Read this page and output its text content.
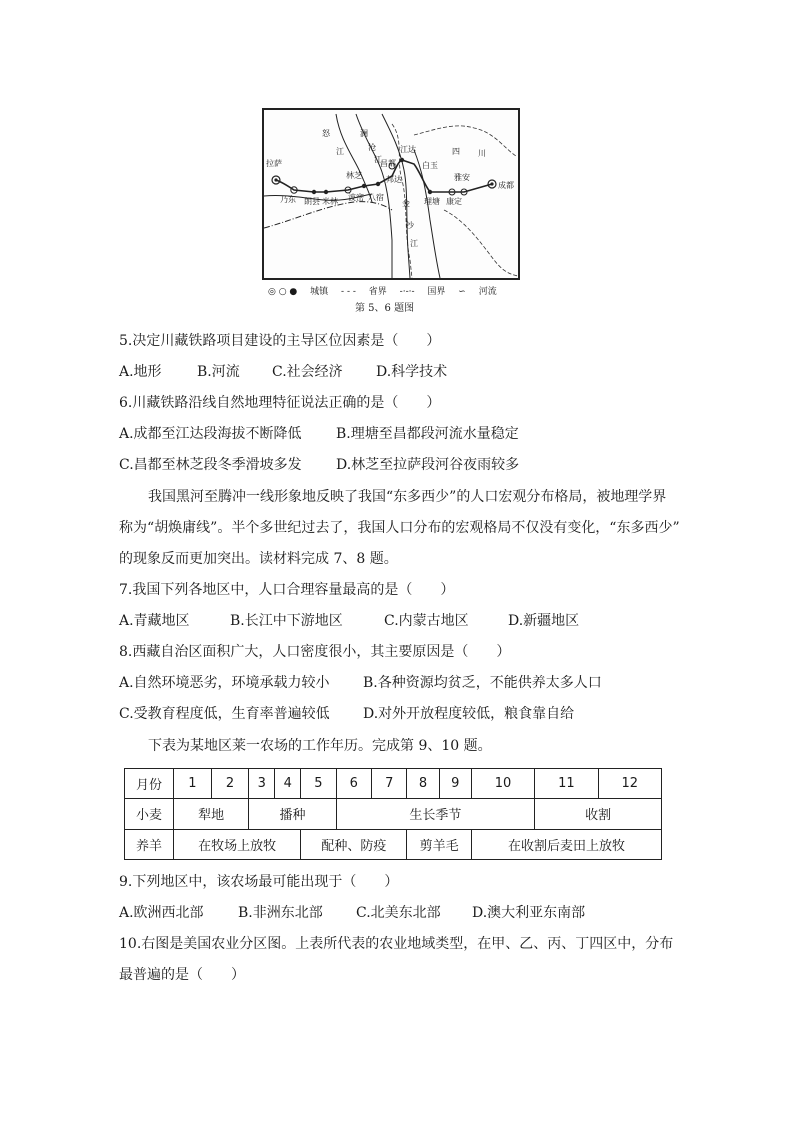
澜
沧
江
怒
江	四 川
拉萨
林芝
昌都
江达
白玉
乃东 朗县 米林 波密 八宿
邦达
理塘 康定
雅安
成都
金
沙
江
◎ ○ ● 城镇 - - - 省界 -·-·- 国界 ∽ 河流
第 5、6 题图
5.决定川藏铁路项目建设的主导区位因素是（　　）
A.地形	B.河流 C.社会经济 D.科学技术
6.川藏铁路沿线自然地理特征说法正确的是（　　）
A.成都至江达段海拔不断降低 B.理塘至昌都段河流水量稳定
C.昌都至林芝段冬季滑坡多发 D.林芝至拉萨段河谷夜雨较多
我国黑河至腾冲一线形象地反映了我国“东多西少”的人口宏观分布格局，被地理学界
称为“胡焕庸线”。半个多世纪过去了，我国人口分布的宏观格局不仅没有变化，“东多西少”
的现象反而更加突出。读材料完成 7、8 题。
7.我国下列各地区中，人口合理容量最高的是（　　）
A.青藏地区	B.长江中下游地区	C.内蒙古地区	D.新疆地区
8.西藏自治区面积广大，人口密度很小，其主要原因是（　　）
A.自然环境恶劣，环境承载力较小 B.各种资源均贫乏，不能供养太多人口
C.受教育程度低，生育率普遍较低 D.对外开放程度较低，粮食靠自给
下表为某地区莱一农场的工作年历。完成第 9、10 题。
月份	1	2	3	4	5	6	7	8	9	10	11	12
小麦	犁地		播种			生长季节					收割	
养羊	在牧场上放牧				配种、防疫			剪羊毛		在收割后麦田上放牧		
9.下列地区中，该农场最可能出现于（　　）
A.欧洲西北部 B.非洲东北部 C.北美东北部 D.澳大利亚东南部
10.右图是美国农业分区图。上表所代表的农业地域类型，在甲、乙、丙、丁四区中，分布
最普遍的是（　　）
